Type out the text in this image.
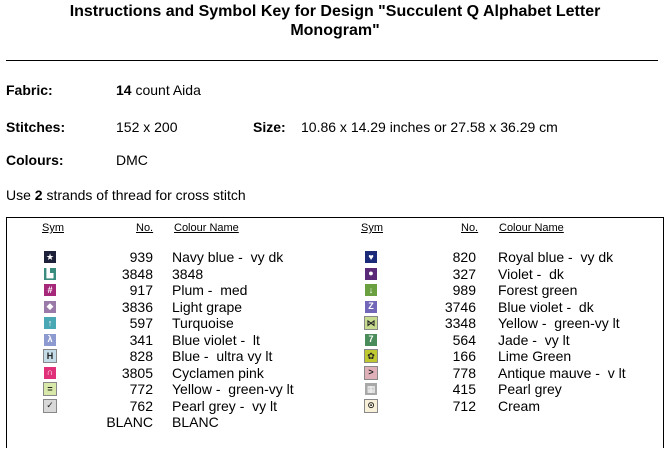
Instructions and Symbol Key for Design "Succulent Q Alphabet Letter
Monogram"
Fabric:	14 count Aida
Stitches:	152 x 200	Size: 10.86 x 14.29 inches or 27.58 x 36.29 cm
Colours:	DMC
Use 2 strands of thread for cross stitch
Sym	No. Colour Name	Sym	No. Colour Name
★	939 Navy blue -  vy dk
▙	3848 3848
#	917 Plum -  med
◆	3836 Light grape
↑	597 Turquoise
λ	341 Blue violet -  lt
H	828 Blue -  ultra vy lt
∩	3805 Cyclamen pink
=	772 Yellow -  green-vy lt
✓	762 Pearl grey -  vy lt
BLANC BLANC
♥	820 Royal blue -  vy dk
●	327 Violet -  dk
↓	989 Forest green
Z	3746 Blue violet -  dk
⋈	3348 Yellow -  green-vy lt
7	564 Jade -  vy lt
✿	166 Lime Green
>	778 Antique mauve -  v lt
▦	415 Pearl grey
⊙	712 Cream
